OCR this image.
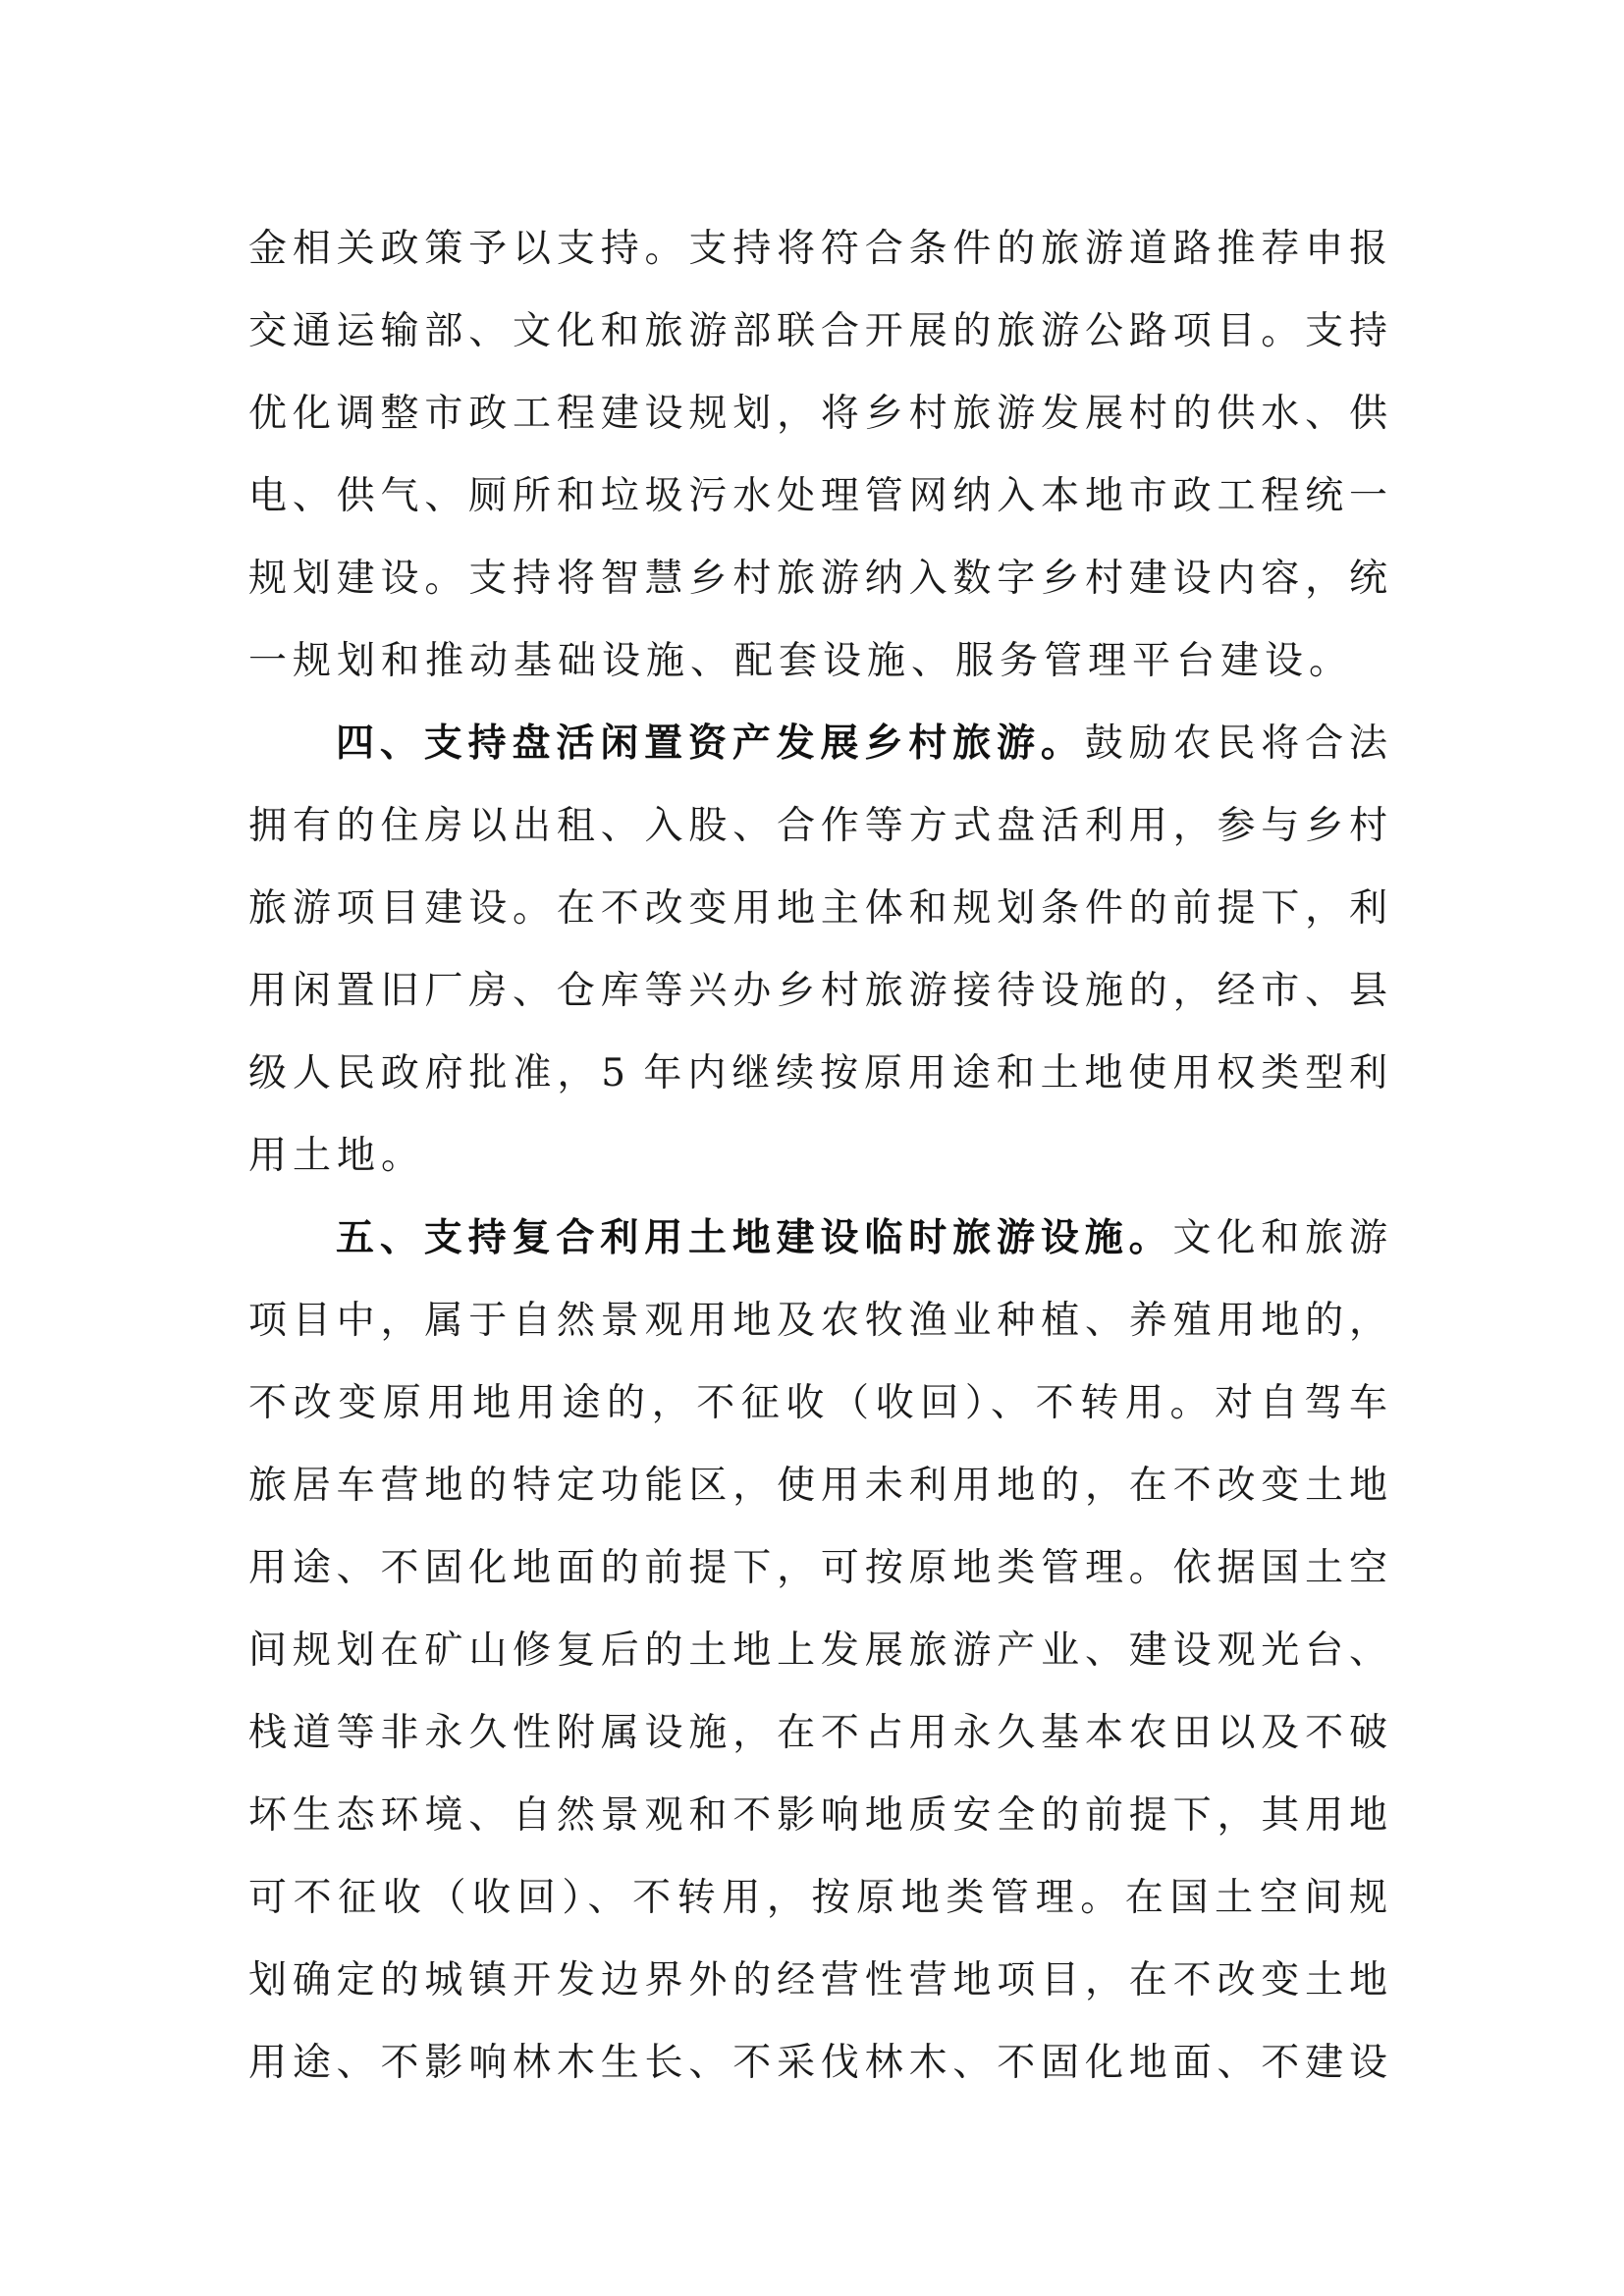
金相关政策予以支持。支持将符合条件的旅游道路推荐申报
交通运输部、文化和旅游部联合开展的旅游公路项目。支持
优化调整市政工程建设规划，将乡村旅游发展村的供水、供
电、供气、厕所和垃圾污水处理管网纳入本地市政工程统一
规划建设。支持将智慧乡村旅游纳入数字乡村建设内容，统
一规划和推动基础设施、配套设施、服务管理平台建设。
四、支持盘活闲置资产发展乡村旅游。鼓励农民将合法
拥有的住房以出租、入股、合作等方式盘活利用，参与乡村
旅游项目建设。在不改变用地主体和规划条件的前提下，利
用闲置旧厂房、仓库等兴办乡村旅游接待设施的，经市、县
级人民政府批准，5 年内继续按原用途和土地使用权类型利
用土地。
五、支持复合利用土地建设临时旅游设施。文化和旅游
项目中，属于自然景观用地及农牧渔业种植、养殖用地的，
不改变原用地用途的，不征收（收回）、不转用。对自驾车
旅居车营地的特定功能区，使用未利用地的，在不改变土地
用途、不固化地面的前提下，可按原地类管理。依据国土空
间规划在矿山修复后的土地上发展旅游产业、建设观光台、
栈道等非永久性附属设施，在不占用永久基本农田以及不破
坏生态环境、自然景观和不影响地质安全的前提下，其用地
可不征收（收回）、不转用，按原地类管理。在国土空间规
划确定的城镇开发边界外的经营性营地项目，在不改变土地
用途、不影响林木生长、不采伐林木、不固化地面、不建设
